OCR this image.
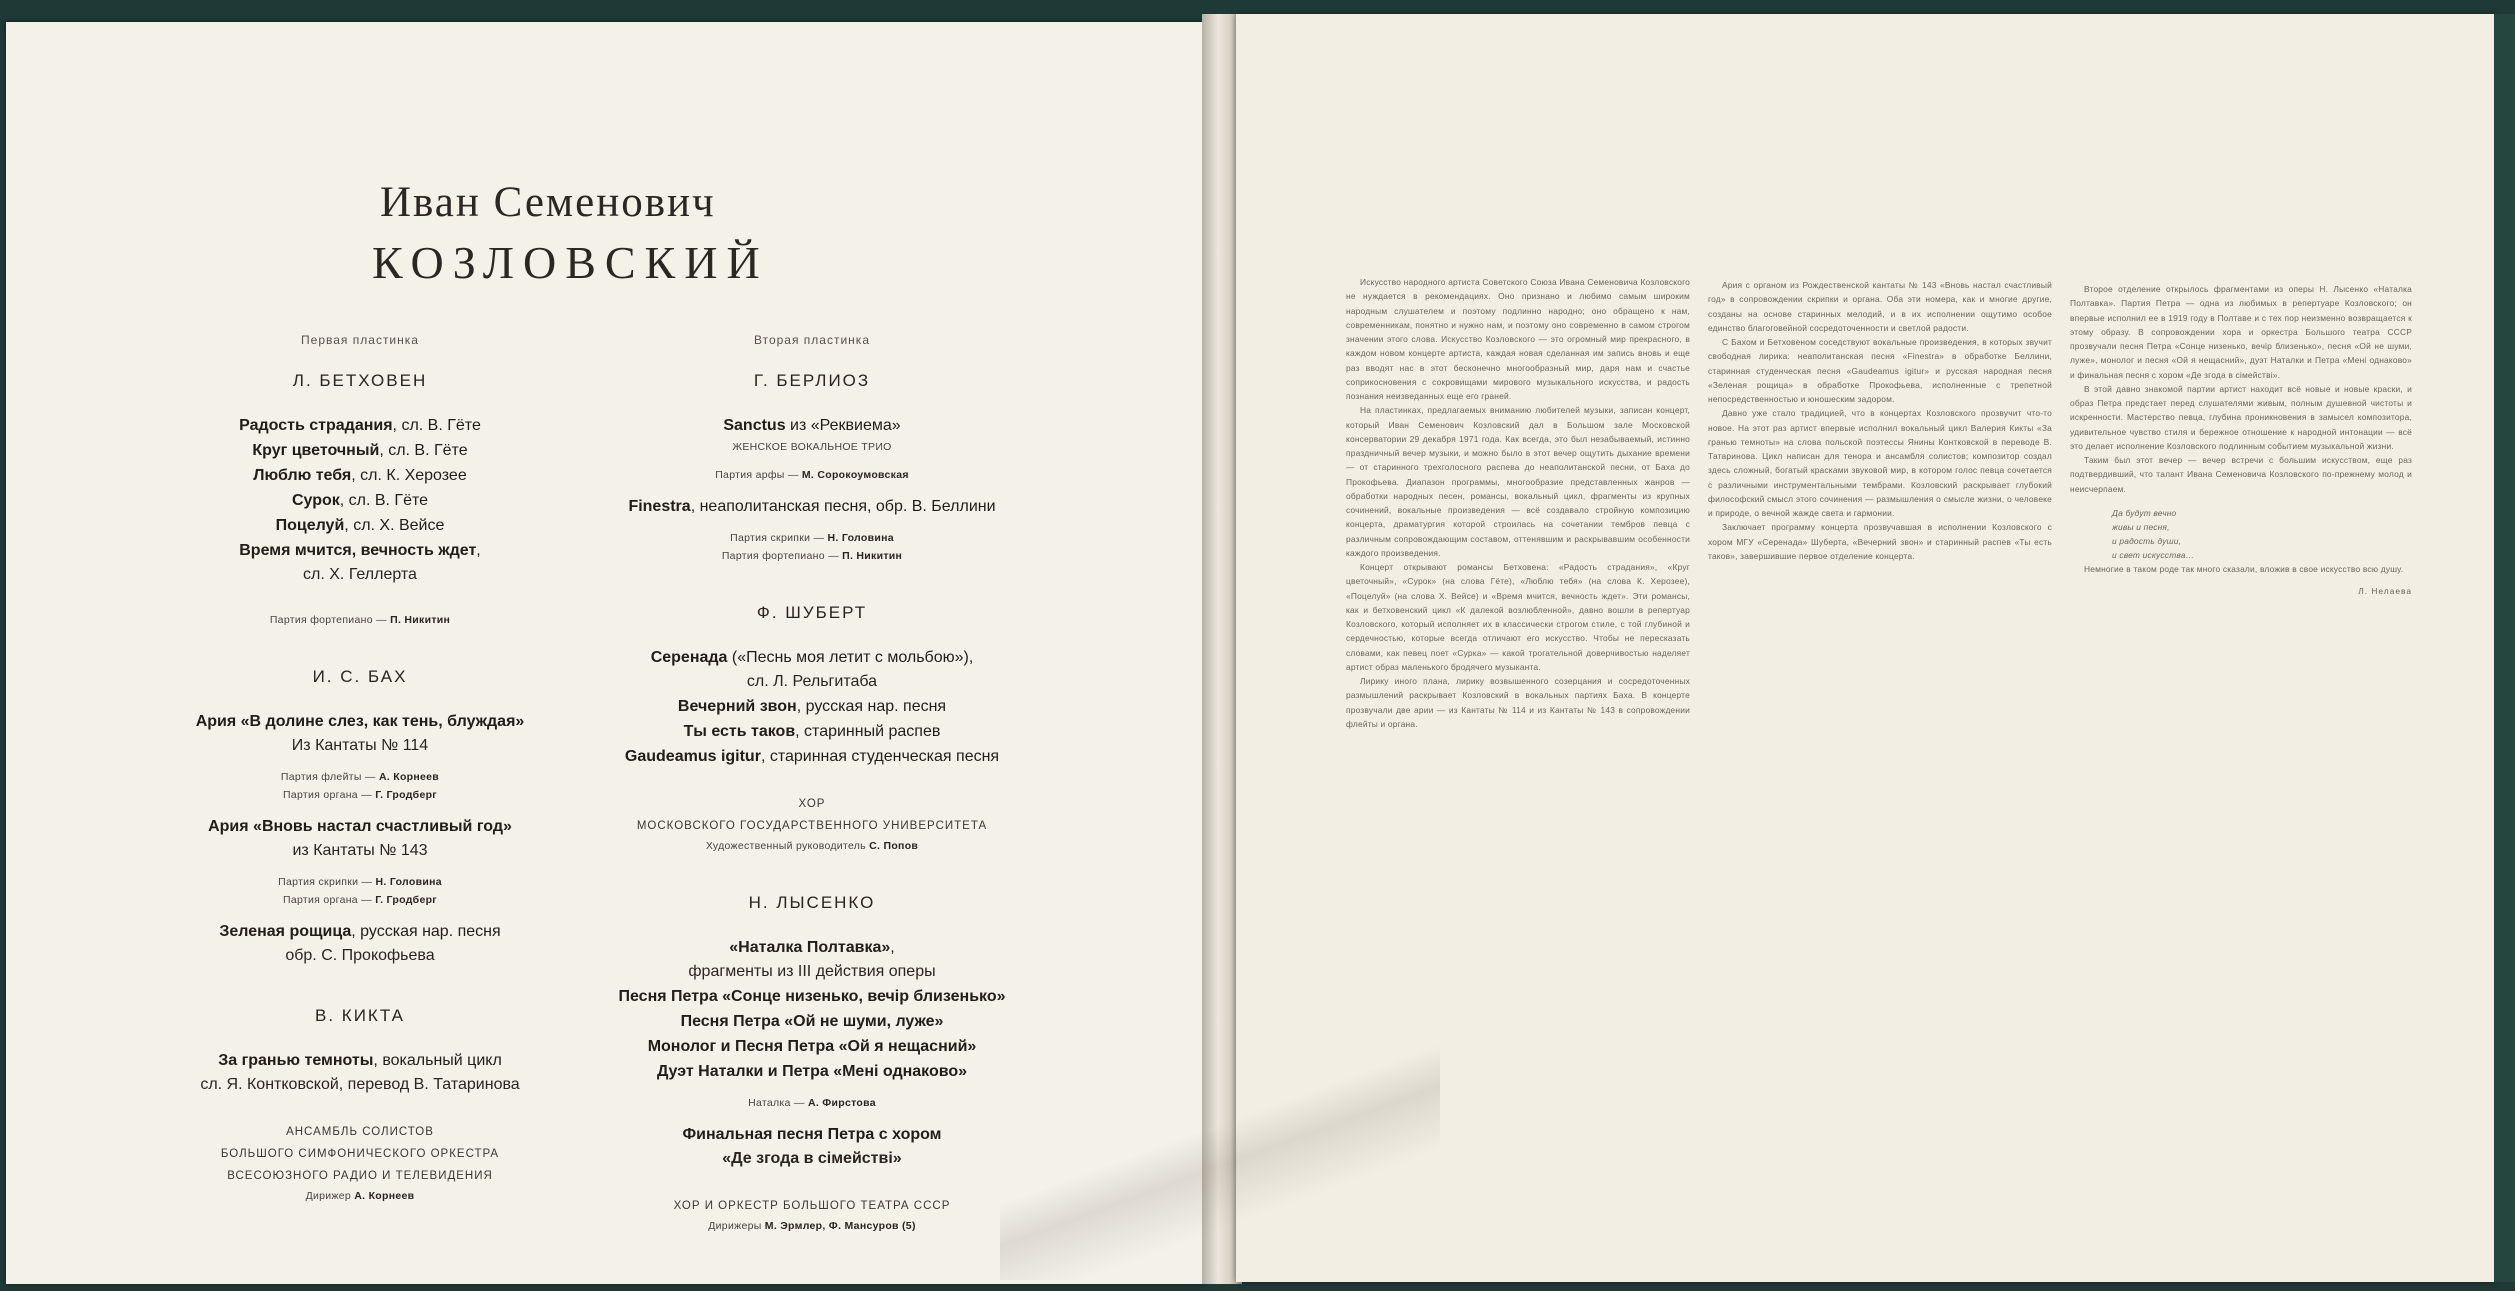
Иван Семенович
КОЗЛОВСКИЙ
Первая пластинка
Л. БЕТХОВЕН
Радость страдания, сл. В. Гёте
Круг цветочный, сл. В. Гёте
Люблю тебя, сл. К. Херозее
Сурок, сл. В. Гёте
Поцелуй, сл. Х. Вейсе
Время мчится, вечность ждет,
сл. Х. Геллерта
Партия фортепиано — П. Никитин
И. С. БАХ
Ария «В долине слез, как тень, блуждая»
Из Кантаты № 114
Партия флейты — А. Корнеев
Партия органа — Г. Гродберг
Ария «Вновь настал счастливый год»
из Кантаты № 143
Партия скрипки — Н. Головина
Партия органа — Г. Гродберг
Зеленая рощица, русская нар. песня
обр. С. Прокофьева
В. КИКТА
За гранью темноты, вокальный цикл
сл. Я. Контковской, перевод В. Татаринова
АНСАМБЛЬ СОЛИСТОВ
БОЛЬШОГО СИМФОНИЧЕСКОГО ОРКЕСТРА
ВСЕСОЮЗНОГО РАДИО И ТЕЛЕВИДЕНИЯ
Дирижер А. Корнеев
Вторая пластинка
Г. БЕРЛИОЗ
Sanctus из «Реквиема»
ЖЕНСКОЕ ВОКАЛЬНОЕ ТРИО
Партия арфы — М. Сорокоумовская
Finestra, неаполитанская песня, обр. В. Беллини
Партия скрипки — Н. Головина
Партия фортепиано — П. Никитин
Ф. ШУБЕРТ
Серенада («Песнь моя летит с мольбою»),
сл. Л. Рельгитаба
Вечерний звон, русская нар. песня
Ты есть таков, старинный распев
Gaudeamus igitur, старинная студенческая песня
ХОР
МОСКОВСКОГО ГОСУДАРСТВЕННОГО УНИВЕРСИТЕТА
Художественный руководитель С. Попов
Н. ЛЫСЕНКО
«Наталка Полтавка»,
фрагменты из III действия оперы
Песня Петра «Сонце низенько, вечiр близенько»
Песня Петра «Ой не шуми, луже»
Монолог и Песня Петра «Ой я нещасний»
Дуэт Наталки и Петра «Менi однаково»
Наталка — А. Фирстова
Финальная песня Петра с хором
«Де згода в сiмействi»
ХОР И ОРКЕСТР БОЛЬШОГО ТЕАТРА СССР
Дирижеры М. Эрмлер, Ф. Мансуров (5)

Искусство народного артиста Советского Союза Ивана Семеновича Козловского не нуждается в рекомендациях. Оно признано и любимо самым широким народным слушателем и поэтому подлинно народно; оно обращено к нам, современникам, понятно и нужно нам, и поэтому оно современно в самом строгом значении этого слова. Искусство Козловского — это огромный мир прекрасного, в каждом новом концерте артиста, каждая новая сделанная им запись вновь и еще раз вводят нас в этот бесконечно многообразный мир, даря нам и счастье соприкосновения с сокровищами мирового музыкального искусства, и радость познания неизведанных еще его граней.

На пластинках, предлагаемых вниманию любителей музыки, записан концерт, который Иван Семенович Козловский дал в Большом зале Московской консерватории 29 декабря 1971 года. Как всегда, это был незабываемый, истинно праздничный вечер музыки, и можно было в этот вечер ощутить дыхание времени — от старинного трехголосного распева до неаполитанской песни, от Баха до Прокофьева. Диапазон программы, многообразие представленных жанров — обработки народных песен, романсы, вокальный цикл, фрагменты из крупных сочинений, вокальные произведения — всё создавало стройную композицию концерта, драматургия которой строилась на сочетании тембров певца с различным сопровождающим составом, оттенявшим и раскрывавшим особенности каждого произведения.

Концерт открывают романсы Бетховена: «Радость страдания», «Круг цветочный», «Сурок» (на слова Гёте), «Люблю тебя» (на слова К. Херозее), «Поцелуй» (на слова Х. Вейсе) и «Время мчится, вечность ждет». Эти романсы, как и бетховенский цикл «К далекой возлюбленной», давно вошли в репертуар Козловского, который исполняет их в классически строгом стиле, с той глубиной и сердечностью, которые всегда отличают его искусство. Чтобы не пересказать словами, как певец поет «Сурка» — какой трогательной доверчивостью наделяет артист образ маленького бродячего музыканта.

Лирику иного плана, лирику возвышенного созерцания и сосредоточенных размышлений раскрывает Козловский в вокальных партиях Баха. В концерте прозвучали две арии — из Кантаты № 114 и из Кантаты № 143 в сопровождении флейты и органа.

Ария с органом из Рождественской кантаты № 143 «Вновь настал счастливый год» в сопровождении скрипки и органа. Оба эти номера, как и многие другие, созданы на основе старинных мелодий, и в их исполнении ощутимо особое единство благоговейной сосредоточенности и светлой радости.

С Бахом и Бетховеном соседствуют вокальные произведения, в которых звучит свободная лирика: неаполитанская песня «Finestra» в обработке Беллини, старинная студенческая песня «Gaudeamus igitur» и русская народная песня «Зеленая рощица» в обработке Прокофьева, исполненные с трепетной непосредственностью и юношеским задором.

Давно уже стало традицией, что в концертах Козловского прозвучит что-то новое. На этот раз артист впервые исполнил вокальный цикл Валерия Кикты «За гранью темноты» на слова польской поэтессы Янины Контковской в переводе В. Татаринова. Цикл написан для тенора и ансамбля солистов; композитор создал здесь сложный, богатый красками звуковой мир, в котором голос певца сочетается с различными инструментальными тембрами. Козловский раскрывает глубокий философский смысл этого сочинения — размышления о смысле жизни, о человеке и природе, о вечной жажде света и гармонии.

Заключает программу концерта прозвучавшая в исполнении Козловского с хором МГУ «Серенада» Шуберта, «Вечерний звон» и старинный распев «Ты есть таков», завершившие первое отделение концерта.

Второе отделение открылось фрагментами из оперы Н. Лысенко «Наталка Полтавка». Партия Петра — одна из любимых в репертуаре Козловского; он впервые исполнил ее в 1919 году в Полтаве и с тех пор неизменно возвращается к этому образу. В сопровождении хора и оркестра Большого театра СССР прозвучали песня Петра «Сонце низенько, вечiр близенько», песня «Ой не шуми, луже», монолог и песня «Ой я нещасний», дуэт Наталки и Петра «Менi однаково» и финальная песня с хором «Де згода в сiмействi».

В этой давно знакомой партии артист находит всё новые и новые краски, и образ Петра предстает перед слушателями живым, полным душевной чистоты и искренности. Мастерство певца, глубина проникновения в замысел композитора, удивительное чувство стиля и бережное отношение к народной интонации — всё это делает исполнение Козловского подлинным событием музыкальной жизни.

Таким был этот вечер — вечер встречи с большим искусством, еще раз подтвердивший, что талант Ивана Семеновича Козловского по-прежнему молод и неисчерпаем.

Да будут вечно
живы и песня,
и радость души,
и свет искусства…

Немногие в таком роде так много сказали, вложив в свое искусство всю душу.

Л. Нелаева
